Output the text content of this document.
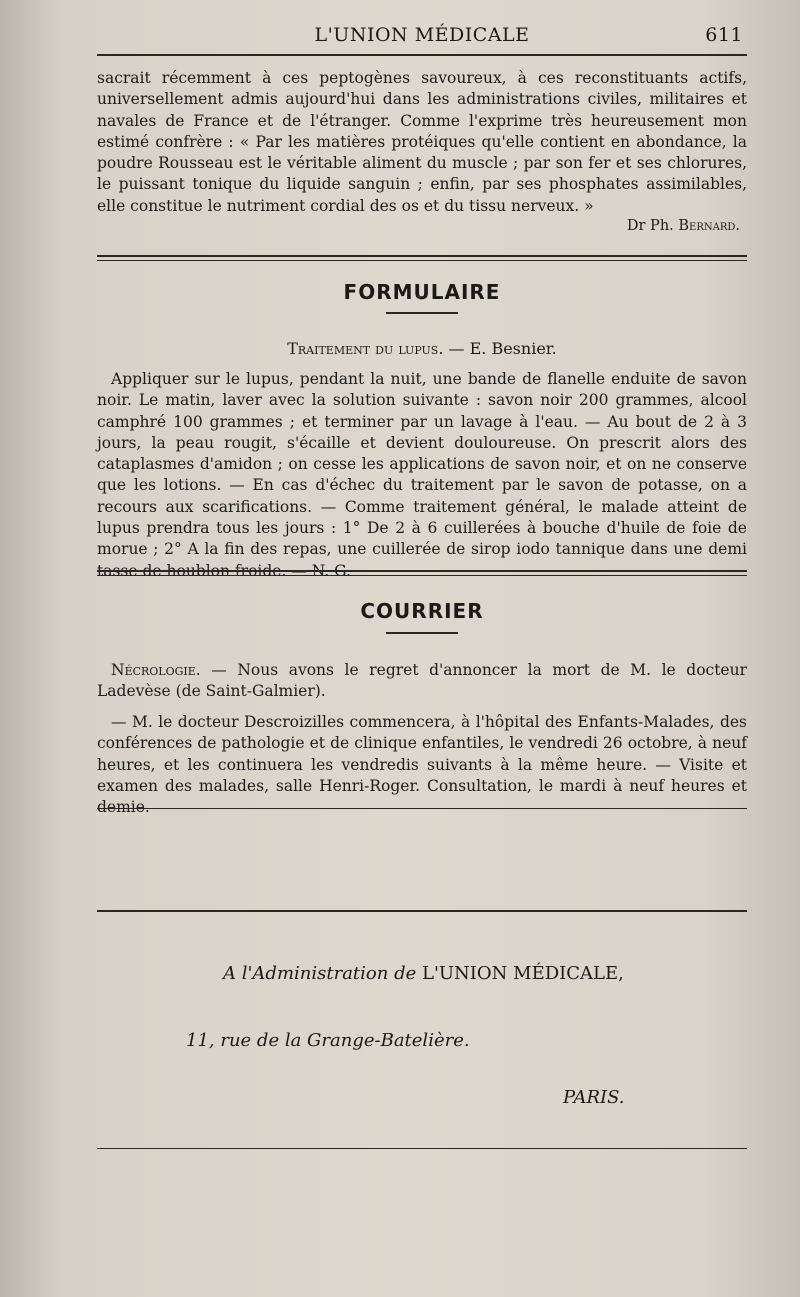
L'UNION MÉDICALE	611

sacrait récemment à ces peptogènes savoureux, à ces reconstituants actifs, universellement admis aujourd'hui dans les administrations civiles, militaires et navales de France et de l'étranger. Comme l'exprime très heureusement mon estimé confrère : « Par les matières protéiques qu'elle contient en abondance, la poudre Rousseau est le véritable aliment du muscle ; par son fer et ses chlorures, le puissant tonique du liquide sanguin ; enfin, par ses phosphates assimilables, elle constitue le nutriment cordial des os et du tissu nerveux. »

Dr Ph. Bernard.
FORMULAIRE
Traitement du lupus. — E. Besnier.

Appliquer sur le lupus, pendant la nuit, une bande de flanelle enduite de savon noir. Le matin, laver avec la solution suivante : savon noir 200 grammes, alcool camphré 100 grammes ; et terminer par un lavage à l'eau. — Au bout de 2 à 3 jours, la peau rougit, s'écaille et devient douloureuse. On prescrit alors des cataplasmes d'amidon ; on cesse les applications de savon noir, et on ne conserve que les lotions. — En cas d'échec du traitement par le savon de potasse, on a recours aux scarifications. — Comme traitement général, le malade atteint de lupus prendra tous les jours : 1° De 2 à 6 cuillerées à bouche d'huile de foie de morue ; 2° A la fin des repas, une cuillerée de sirop iodo tannique dans une demi tasse de houblon froide. — N. G.

COURRIER

Nécrologie. — Nous avons le regret d'annoncer la mort de M. le docteur Ladevèse (de Saint-Galmier).

— M. le docteur Descroizilles commencera, à l'hôpital des Enfants-Malades, des conférences de pathologie et de clinique enfantiles, le vendredi 26 octobre, à neuf heures, et les continuera les vendredis suivants à la même heure. — Visite et examen des malades, salle Henri-Roger. Consultation, le mardi à neuf heures et demie.

A l'Administration de L'UNION MÉDICALE,
11, rue de la Grange-Batelière.
PARIS.
